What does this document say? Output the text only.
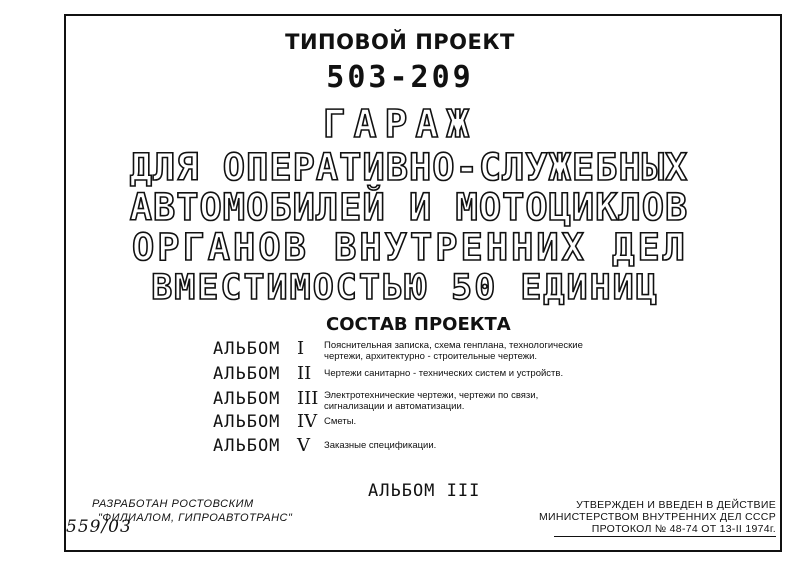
ТИПОВОЙ ПРОЕКТ
503-209
ГАРАЖ
ДЛЯ ОПЕРАТИВНО-СЛУЖЕБНЫХ
АВТОМОБИЛЕЙ И МОТОЦИКЛОВ
ОРГАНОВ ВНУТРЕННИХ ДЕЛ
ВМЕСТИМОСТЬЮ 50 ЕДИНИЦ
СОСТАВ ПРОЕКТА
АЛЬБОМ I Пояснительная записка, схема генплана, технологические
чертежи, архитектурно - строительные чертежи.
АЛЬБОМ II Чертежи санитарно - технических систем и устройств.
АЛЬБОМ III Электротехнические чертежи, чертежи по связи,
сигнализации и автоматизации.
АЛЬБОМ IV Сметы.
АЛЬБОМ V Заказные спецификации.
АЛЬБОМ III
РАЗРАБОТАН РОСТОВСКИМ
"ФИЛИАЛОМ, ГИПРОАВТОТРАНС"
559/03
УТВЕРЖДЕН И ВВЕДЕН В ДЕЙСТВИЕ
МИНИСТЕРСТВОМ ВНУТРЕННИХ ДЕЛ СССР
ПРОТОКОЛ № 48-74 ОТ 13-II 1974г.
